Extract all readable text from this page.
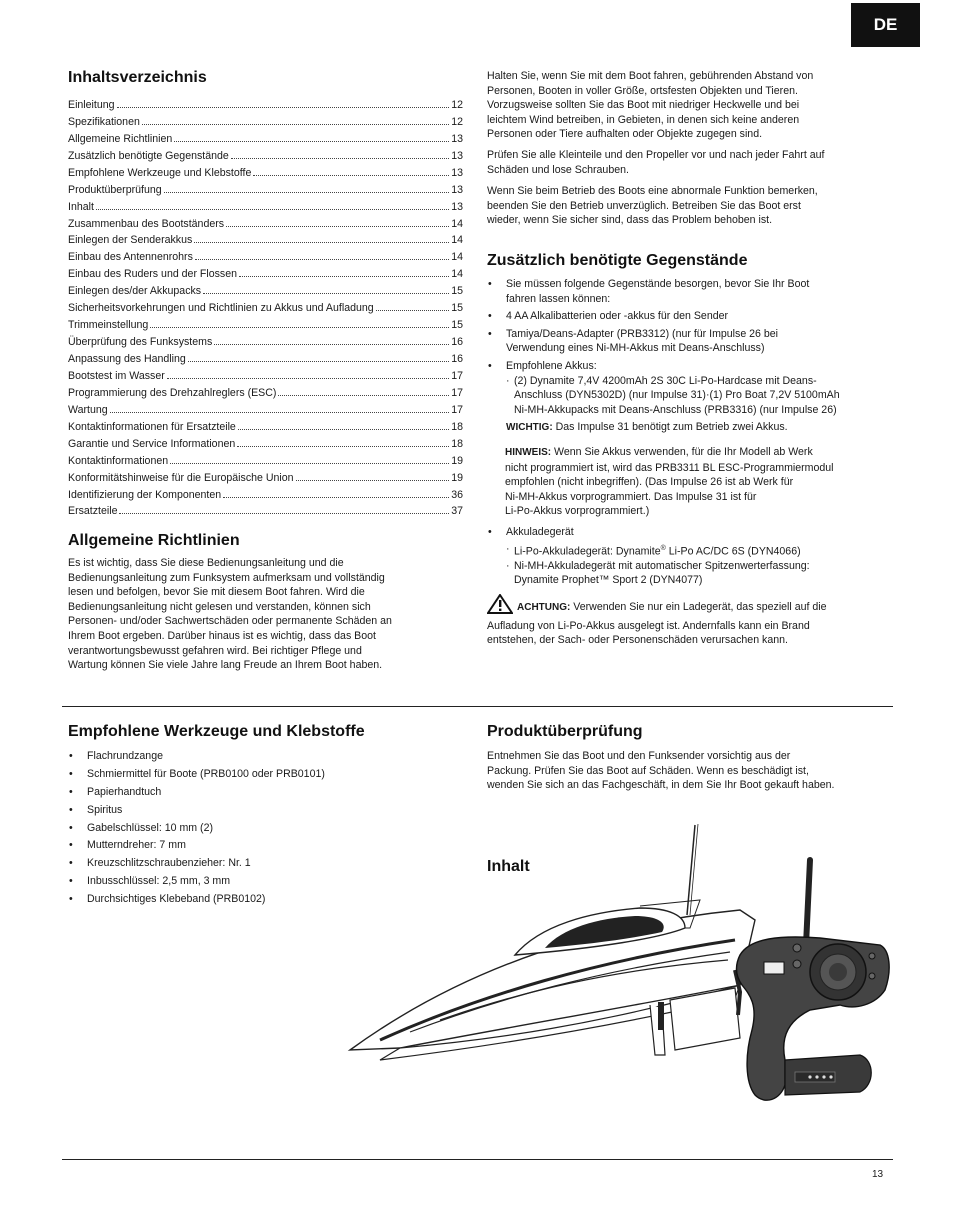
DE
Inhaltsverzeichnis
Einleitung	12
Spezifikationen	12
Allgemeine Richtlinien	13
Zusätzlich benötigte Gegenstände	13
Empfohlene Werkzeuge und Klebstoffe	13
Produktüberprüfung	13
Inhalt	13
Zusammenbau des Bootständers	14
Einlegen der Senderakkus	14
Einbau des Antennenrohrs	14
Einbau des Ruders und der Flossen	14
Einlegen des/der Akkupacks	15
Sicherheitsvorkehrungen und Richtlinien zu Akkus und Aufladung	15
Trimmeinstellung	15
Überprüfung des Funksystems	16
Anpassung des Handling	16
Bootstest im Wasser	17
Programmierung des Drehzahlreglers (ESC)	17
Wartung	17
Kontaktinformationen für Ersatzteile	18
Garantie und Service Informationen	18
Kontaktinformationen	19
Konformitätshinweise für die Europäische Union	19
Identifizierung der Komponenten	36
Ersatzteile	37
Allgemeine Richtlinien
Es ist wichtig, dass Sie diese Bedienungsanleitung und die
Bedienungsanleitung zum Funksystem aufmerksam und vollständig
lesen und befolgen, bevor Sie mit diesem Boot fahren. Wird die
Bedienungsanleitung nicht gelesen und verstanden, können sich
Personen- und/oder Sachwertschäden oder permanente Schäden an
Ihrem Boot ergeben. Darüber hinaus ist es wichtig, dass das Boot
verantwortungsbewusst gefahren wird. Bei richtiger Pflege und
Wartung können Sie viele Jahre lang Freude an Ihrem Boot haben.
Halten Sie, wenn Sie mit dem Boot fahren, gebührenden Abstand von
Personen, Booten in voller Größe, ortsfesten Objekten und Tieren.
Vorzugsweise sollten Sie das Boot mit niedriger Heckwelle und bei
leichtem Wind betreiben, in Gebieten, in denen sich keine anderen
Personen oder Tiere aufhalten oder Objekte zugegen sind.
Prüfen Sie alle Kleinteile und den Propeller vor und nach jeder Fahrt auf
Schäden und lose Schrauben.
Wenn Sie beim Betrieb des Boots eine abnormale Funktion bemerken,
beenden Sie den Betrieb unverzüglich. Betreiben Sie das Boot erst
wieder, wenn Sie sicher sind, dass das Problem behoben ist.
Zusätzlich benötigte Gegenstände
• Sie müssen folgende Gegenstände besorgen, bevor Sie Ihr Boot
fahren lassen können:
• 4 AA Alkalibatterien oder -akkus für den Sender
• Tamiya/Deans-Adapter (PRB3312) (nur für Impulse 26 bei
Verwendung eines Ni-MH-Akkus mit Deans-Anschluss)
• Empfohlene Akkus:
· (2) Dynamite 7,4V 4200mAh 2S 30C Li-Po-Hardcase mit Deans-
Anschluss (DYN5302D) (nur Impulse 31)·(1) Pro Boat 7,2V 5100mAh
Ni-MH-Akkupacks mit Deans-Anschluss (PRB3316) (nur Impulse 26)
WICHTIG: Das Impulse 31 benötigt zum Betrieb zwei Akkus.
HINWEIS: Wenn Sie Akkus verwenden, für die Ihr Modell ab Werk
nicht programmiert ist, wird das PRB3311 BL ESC-Programmiermodul
empfohlen (nicht inbegriffen). (Das Impulse 26 ist ab Werk für
Ni-MH-Akkus vorprogrammiert. Das Impulse 31 ist für
Li-Po-Akkus vorprogrammiert.)
• Akkuladegerät
· Li-Po-Akkuladegerät: Dynamite® Li-Po AC/DC 6S (DYN4066)
· Ni-MH-Akkuladegerät mit automatischer Spitzenwerterfassung:
Dynamite Prophet™ Sport 2 (DYN4077)
ACHTUNG: Verwenden Sie nur ein Ladegerät, das speziell auf die
Aufladung von Li-Po-Akkus ausgelegt ist. Andernfalls kann ein Brand
entstehen, der Sach- oder Personenschäden verursachen kann.
Empfohlene Werkzeuge und Klebstoffe
• Flachrundzange
• Schmiermittel für Boote (PRB0100 oder PRB0101)
• Papierhandtuch
• Spiritus
• Gabelschlüssel: 10 mm (2)
• Mutterndreher: 7 mm
• Kreuzschlitzschraubenzieher: Nr. 1
• Inbusschlüssel: 2,5 mm, 3 mm
• Durchsichtiges Klebeband (PRB0102)
Produktüberprüfung
Entnehmen Sie das Boot und den Funksender vorsichtig aus der
Packung. Prüfen Sie das Boot auf Schäden. Wenn es beschädigt ist,
wenden Sie sich an das Fachgeschäft, in dem Sie Ihr Boot gekauft haben.
Inhalt
13
